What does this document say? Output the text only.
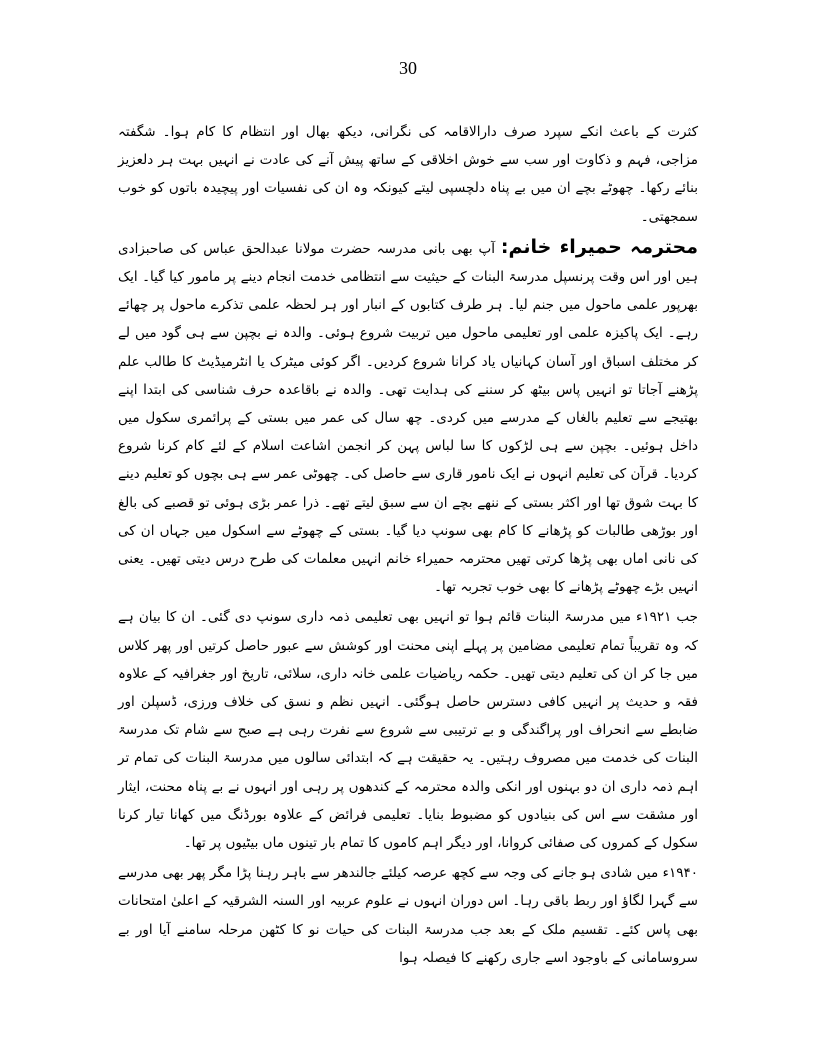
30

کثرت کے باعث انکے سپرد صرف دارالاقامہ کی نگرانی، دیکھ بھال اور انتظام کا کام ہوا۔ شگفتہ مزاجی، فہم و ذکاوت اور سب سے خوش اخلاقی کے ساتھ پیش آنے کی عادت نے انہیں بہت ہر دلعزیز بنائے رکھا۔ چھوٹے بچے ان میں بے پناہ دلچسپی لیتے کیونکہ وہ ان کی نفسیات اور پیچیدہ باتوں کو خوب سمجھتی۔

محترمہ حمیراء خانم: آپ بھی بانی مدرسہ حضرت مولانا عبدالحق عباس کی صاحبزادی ہیں اور اس وقت پرنسپل مدرسۃ البنات کے حیثیت سے انتظامی خدمت انجام دینے پر مامور کیا گیا۔ ایک بھرپور علمی ماحول میں جنم لیا۔ ہر طرف کتابوں کے انبار اور ہر لحظہ علمی تذکرے ماحول پر چھائے رہے۔ ایک پاکیزہ علمی اور تعلیمی ماحول میں تربیت شروع ہوئی۔ والدہ نے بچپن سے ہی گود میں لے کر مختلف اسباق اور آسان کہانیاں یاد کرانا شروع کردیں۔ اگر کوئی میٹرک یا انٹرمیڈیٹ کا طالب علم پڑھنے آجاتا تو انہیں پاس بیٹھ کر سننے کی ہدایت تھی۔ والدہ نے باقاعدہ حرف شناسی کی ابتدا اپنے بھتیجے سے تعلیم بالغاں کے مدرسے میں کردی۔ چھ سال کی عمر میں بستی کے پرائمری سکول میں داخل ہوئیں۔ بچپن سے ہی لڑکوں کا سا لباس پہن کر انجمن اشاعت اسلام کے لئے کام کرنا شروع کردیا۔ قرآن کی تعلیم انہوں نے ایک نامور قاری سے حاصل کی۔ چھوٹی عمر سے ہی بچوں کو تعلیم دینے کا بہت شوق تھا اور اکثر بستی کے ننھے بچے ان سے سبق لیتے تھے۔ ذرا عمر بڑی ہوئی تو قصبے کی بالغ اور بوڑھی طالبات کو پڑھانے کا کام بھی سونپ دیا گیا۔ بستی کے چھوٹے سے اسکول میں جہاں ان کی کی نانی اماں بھی پڑھا کرتی تھیں محترمہ حمیراء خانم انہیں معلمات کی طرح درس دیتی تھیں۔ یعنی انہیں بڑے چھوٹے پڑھانے کا بھی خوب تجربہ تھا۔

جب ۱۹۲۱ء میں مدرسۃ البنات قائم ہوا تو انہیں بھی تعلیمی ذمہ داری سونپ دی گئی۔ ان کا بیان ہے کہ وہ تقریباً تمام تعلیمی مضامین پر پہلے اپنی محنت اور کوشش سے عبور حاصل کرتیں اور پھر کلاس میں جا کر ان کی تعلیم دیتی تھیں۔ حکمہ ریاضیات علمی خانہ داری، سلائی، تاریخ اور جغرافیہ کے علاوہ فقہ و حدیث پر انہیں کافی دسترس حاصل ہوگئی۔ انہیں نظم و نسق کی خلاف ورزی، ڈسپلن اور ضابطے سے انحراف اور پراگندگی و بے ترتیبی سے شروع سے نفرت رہی ہے صبح سے شام تک مدرسۃ البنات کی خدمت میں مصروف رہتیں۔ یہ حقیقت ہے کہ ابتدائی سالوں میں مدرسۃ البنات کی تمام تر اہم ذمہ داری ان دو بہنوں اور انکی والدہ محترمہ کے کندھوں پر رہی اور انہوں نے بے پناہ محنت، ایثار اور مشقت سے اس کی بنیادوں کو مضبوط بنایا۔ تعلیمی فرائض کے علاوہ بورڈنگ میں کھانا تیار کرنا سکول کے کمروں کی صفائی کروانا، اور دیگر اہم کاموں کا تمام بار تینوں ماں بیٹیوں پر تھا۔

۱۹۴۰ء میں شادی ہو جانے کی وجہ سے کچھ عرصہ کیلئے جالندھر سے باہر رہنا پڑا مگر پھر بھی مدرسے سے گہرا لگاؤ اور ربط باقی رہا۔ اس دوران انہوں نے علوم عربیہ اور السنہ الشرقیہ کے اعلیٰ امتحانات بھی پاس کئے۔ تقسیم ملک کے بعد جب مدرسۃ البنات کی حیات نو کا کٹھن مرحلہ سامنے آیا اور بے سروسامانی کے باوجود اسے جاری رکھنے کا فیصلہ ہوا
